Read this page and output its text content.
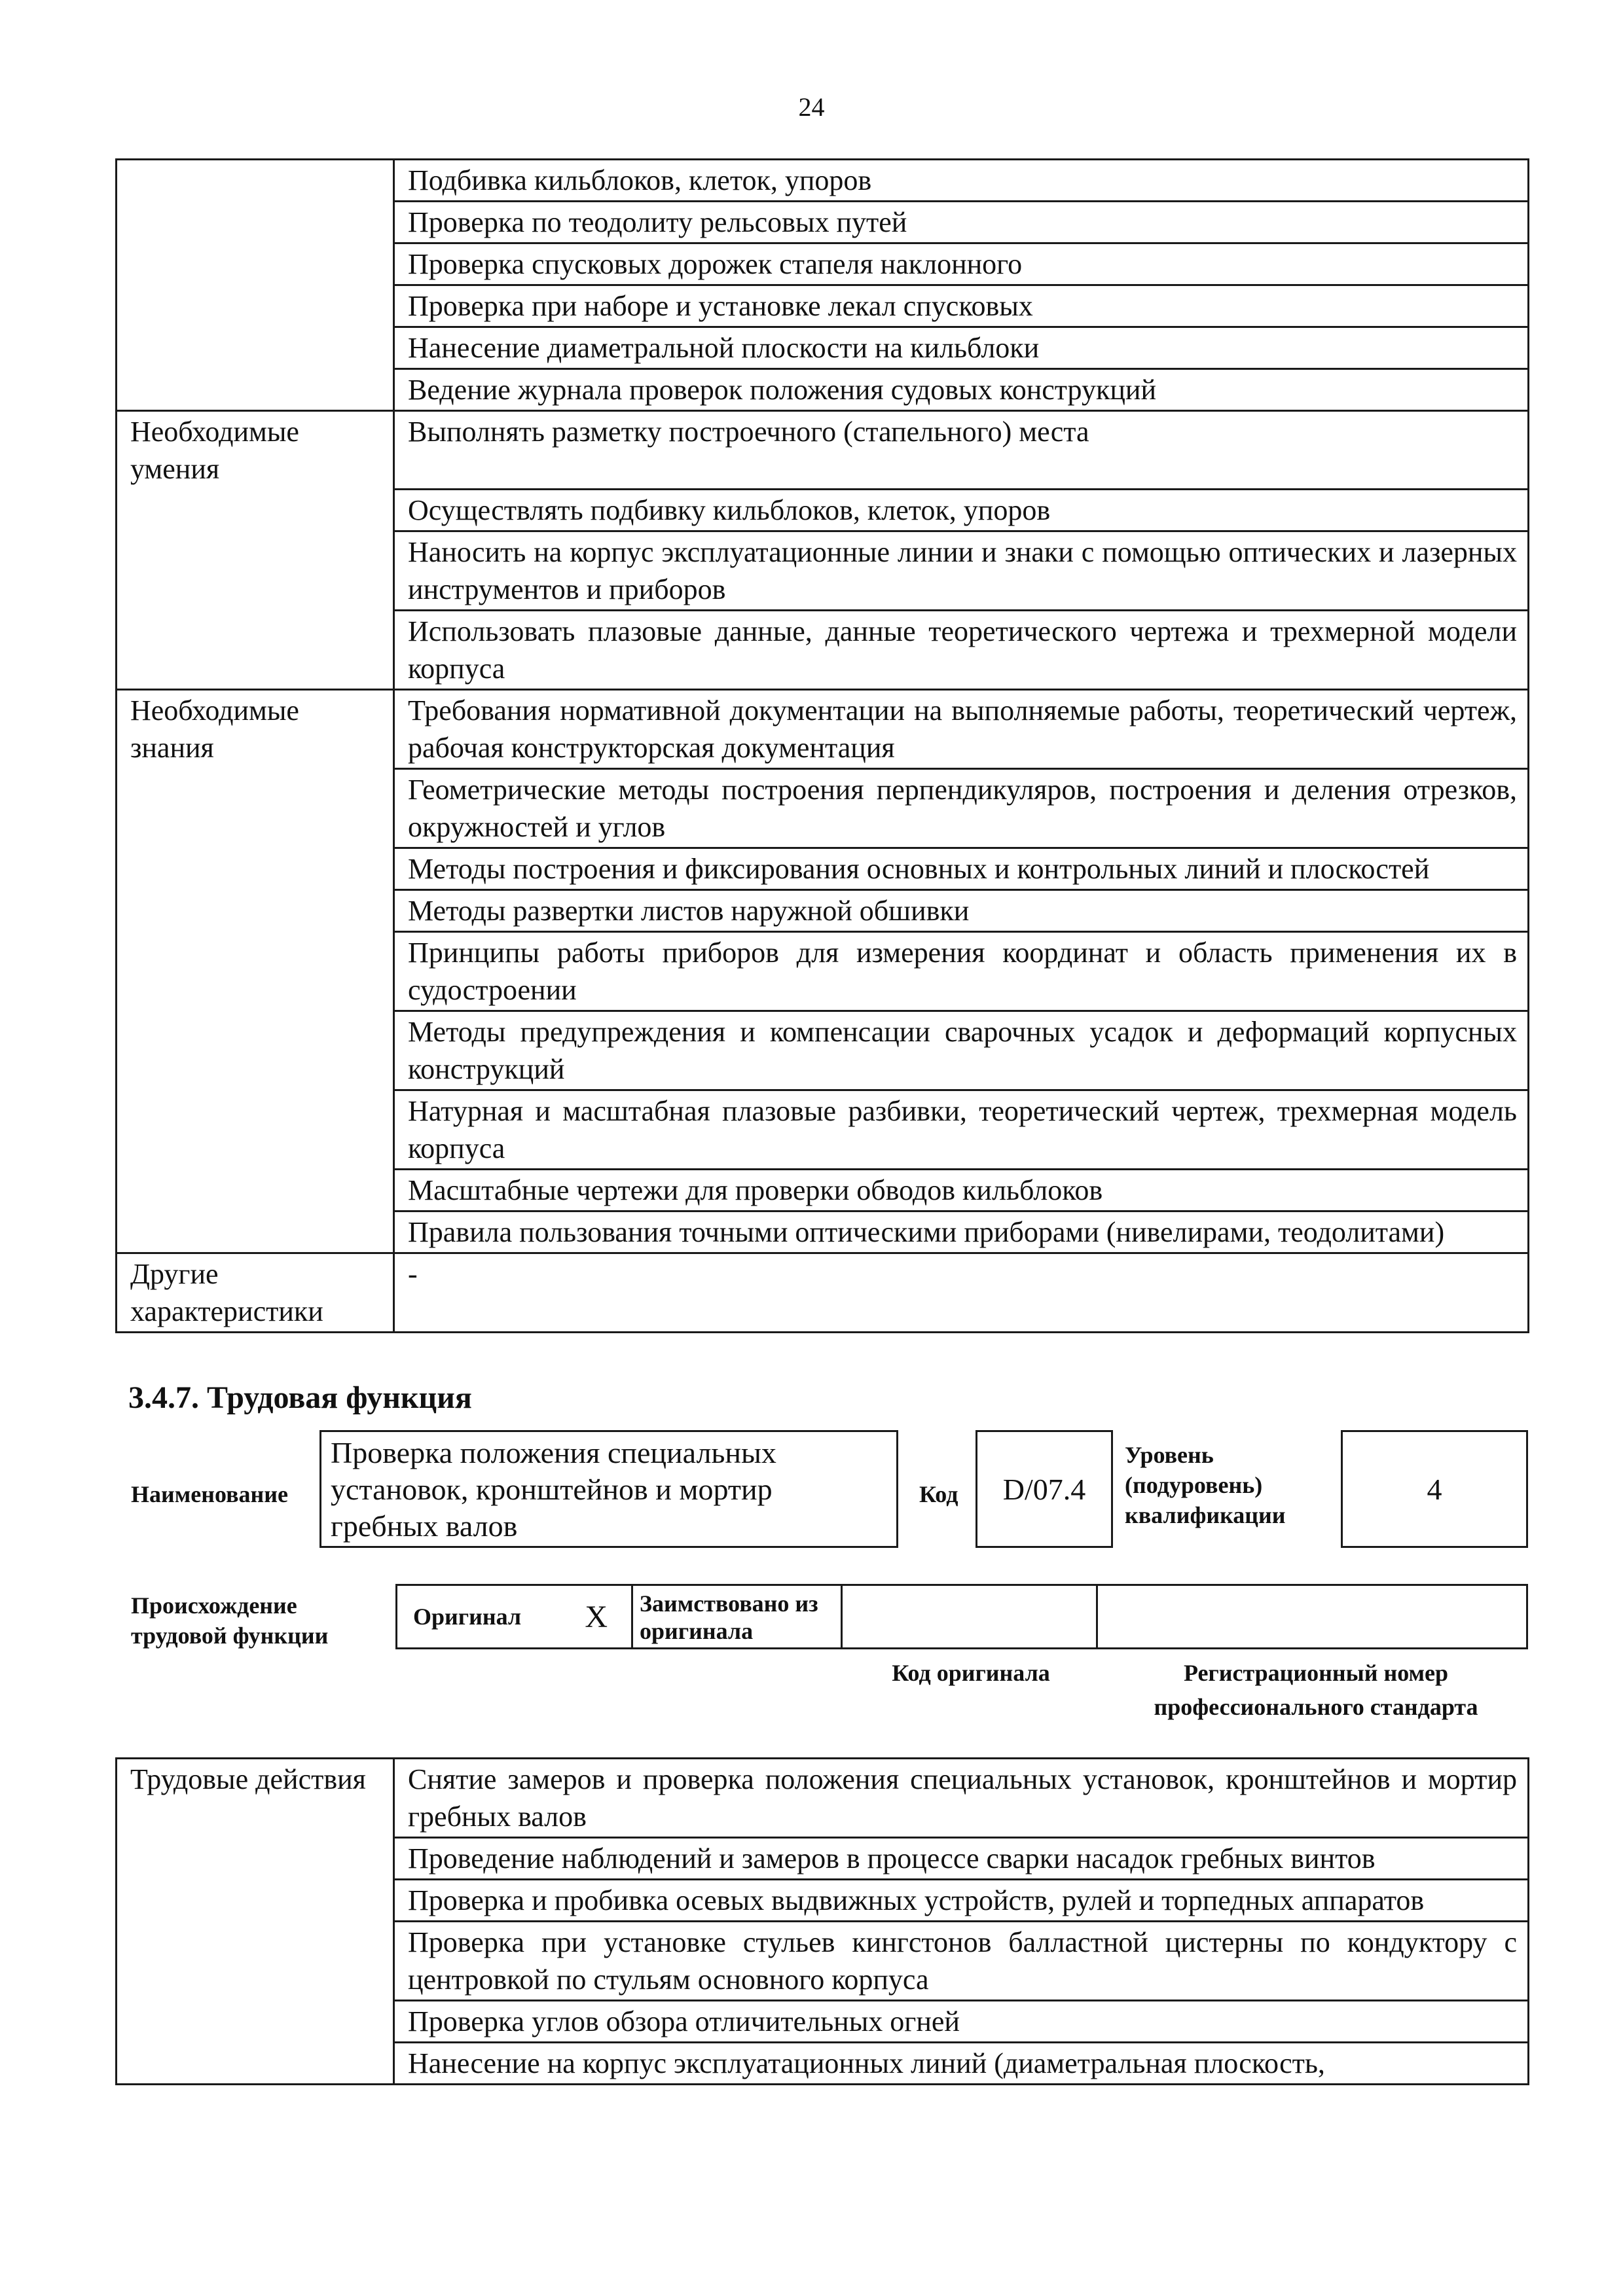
24
	Подбивка кильблоков, клеток, упоров
	Проверка по теодолиту рельсовых путей
	Проверка спусковых дорожек стапеля наклонного
	Проверка при наборе и установке лекал спусковых
	Нанесение диаметральной плоскости на кильблоки
	Ведение журнала проверок положения судовых конструкций
Необходимые умения	Выполнять разметку построечного (стапельного) места
	Осуществлять подбивку кильблоков, клеток, упоров
	Наносить на корпус эксплуатационные линии и знаки с помощью оптических и лазерных инструментов и приборов
	Использовать плазовые данные, данные теоретического чертежа и трехмерной модели корпуса
Необходимые знания	Требования нормативной документации на выполняемые работы, теоретический чертеж, рабочая конструкторская документация
	Геометрические методы построения перпендикуляров, построения и деления отрезков, окружностей и углов
	Методы построения и фиксирования основных и контрольных линий и плоскостей
	Методы развертки листов наружной обшивки
	Принципы работы приборов для измерения координат и область применения их в судостроении
	Методы предупреждения и компенсации сварочных усадок и деформаций корпусных конструкций
	Натурная и масштабная плазовые разбивки, теоретический чертеж, трехмерная модель корпуса
	Масштабные чертежи для проверки обводов кильблоков
	Правила пользования точными оптическими приборами (нивелирами, теодолитами)
Другие характеристики	-
3.4.7. Трудовая функция
Наименование
Проверка положения специальных установок, кронштейнов и мортир гребных валов
Код D/07.4
Уровень (подуровень) квалификации
4
Происхождение трудовой функции
Оригинал X	Заимствовано из оригинала
Код оригинала	Регистрационный номер профессионального стандарта
Трудовые действия	Снятие замеров и проверка положения специальных установок, кронштейнов и мортир гребных валов
	Проведение наблюдений и замеров в процессе сварки насадок гребных винтов
	Проверка и пробивка осевых выдвижных устройств, рулей и торпедных аппаратов
	Проверка при установке стульев кингстонов балластной цистерны по кондуктору с центровкой по стульям основного корпуса
	Проверка углов обзора отличительных огней
	Нанесение на корпус эксплуатационных линий (диаметральная плоскость,
